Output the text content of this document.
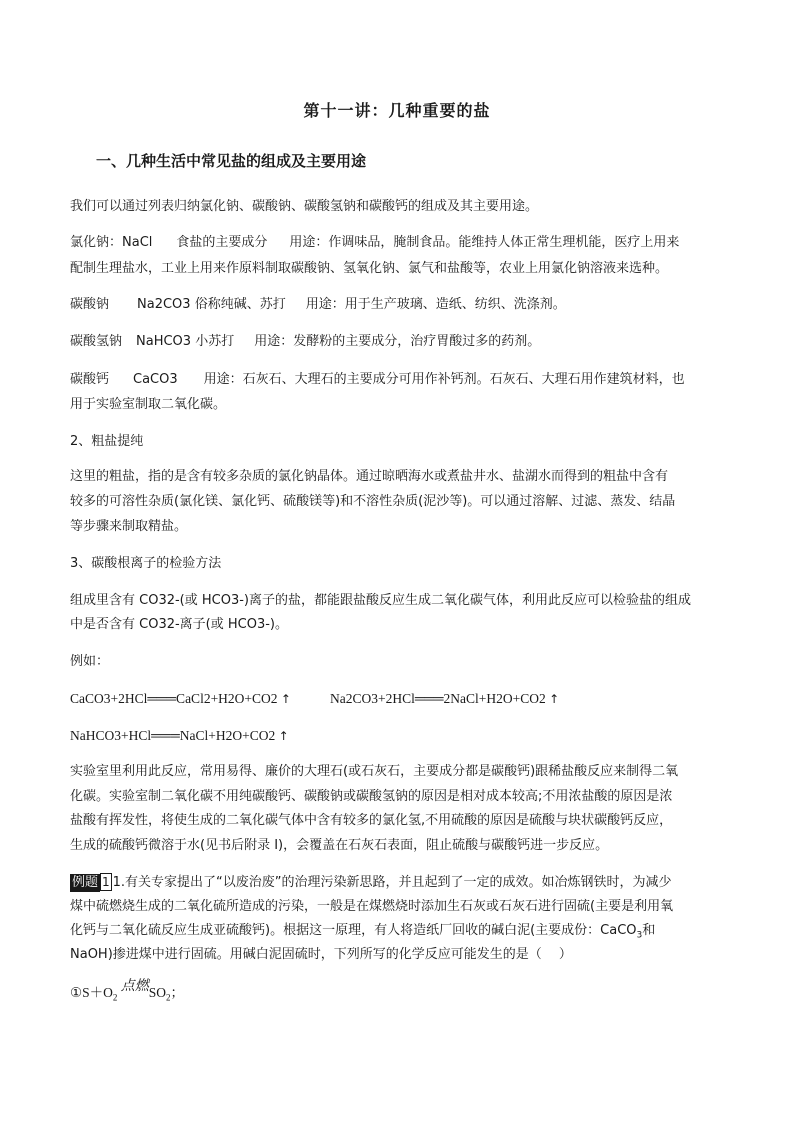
第十一讲：几种重要的盐
一、几种生活中常见盐的组成及主要用途
我们可以通过列表归纳氯化钠、碳酸钠、碳酸氢钠和碳酸钙的组成及其主要用途。
氯化钠：NaCl 食盐的主要成分 用途：作调味品，腌制食品。能维持人体正常生理机能，医疗上用来
配制生理盐水，工业上用来作原料制取碳酸钠、氢氧化钠、氯气和盐酸等，农业上用氯化钠溶液来选种。
碳酸钠 Na2CO3 俗称纯碱、苏打 用途：用于生产玻璃、造纸、纺织、洗涤剂。
碳酸氢钠 NaHCO3 小苏打 用途：发酵粉的主要成分，治疗胃酸过多的药剂。
碳酸钙 CaCO3 用途：石灰石、大理石的主要成分可用作补钙剂。石灰石、大理石用作建筑材料，也
用于实验室制取二氧化碳。
2、粗盐提纯
这里的粗盐，指的是含有较多杂质的氯化钠晶体。通过晾晒海水或煮盐井水、盐湖水而得到的粗盐中含有
较多的可溶性杂质(氯化镁、氯化钙、硫酸镁等)和不溶性杂质(泥沙等)。可以通过溶解、过滤、蒸发、结晶
等步骤来制取精盐。
3、碳酸根离子的检验方法
组成里含有 CO32-(或 HCO3-)离子的盐，都能跟盐酸反应生成二氧化碳气体，利用此反应可以检验盐的组成
中是否含有 CO32-离子(或 HCO3-)。
例如：
CaCO3+2HCl═══CaCl2+H2O+CO2 ↑	Na2CO3+2HCl═══2NaCl+H2O+CO2 ↑
NaHCO3+HCl═══NaCl+H2O+CO2 ↑
实验室里利用此反应，常用易得、廉价的大理石(或石灰石，主要成分都是碳酸钙)跟稀盐酸反应来制得二氧
化碳。实验室制二氧化碳不用纯碳酸钙、碳酸钠或碳酸氢钠的原因是相对成本较高;不用浓盐酸的原因是浓
盐酸有挥发性，将使生成的二氧化碳气体中含有较多的氯化氢,不用硫酸的原因是硫酸与块状碳酸钙反应，
生成的硫酸钙微溶于水(见书后附录 I)，会覆盖在石灰石表面，阻止硫酸与碳酸钙进一步反应。
例题 1 1.有关专家提出了“以废治废”的治理污染新思路，并且起到了一定的成效。如冶炼钢铁时，为减少
煤中硫燃烧生成的二氧化硫所造成的污染，一般是在煤燃烧时添加生石灰或石灰石进行固硫(主要是利用氧
化钙与二氧化硫反应生成亚硫酸钙)。根据这一原理，有人将造纸厂回收的碱白泥(主要成份：CaCO$_3$和
NaOH)掺进煤中进行固硫。用碱白泥固硫时，下列所写的化学反应可能发生的是（　 ）
$①S+O_2$ 点燃$SO_2$；
